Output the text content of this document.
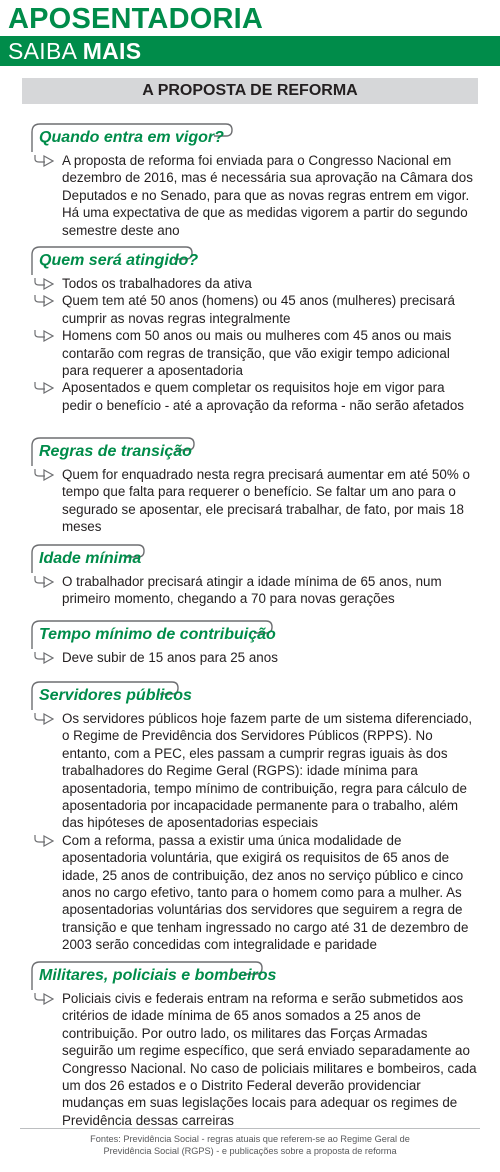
APOSENTADORIA
SAIBA MAIS
A PROPOSTA DE REFORMA
Quando entra em vigor?
A proposta de reforma foi enviada para o Congresso Nacional em dezembro de 2016, mas é necessária sua aprovação na Câmara dos Deputados e no Senado, para que as novas regras entrem em vigor. Há uma expectativa de que as medidas vigorem a partir do segundo semestre deste ano
Quem será atingido?
Todos os trabalhadores da ativa
Quem tem até 50 anos (homens) ou 45 anos (mulheres) precisará cumprir as novas regras integralmente
Homens com 50 anos ou mais ou mulheres com 45 anos ou mais contarão com regras de transição, que vão exigir tempo adicional para requerer a aposentadoria
Aposentados e quem completar os requisitos hoje em vigor para pedir o benefício - até a aprovação da reforma - não serão afetados
Regras de transição
Quem for enquadrado nesta regra precisará aumentar em até 50% o tempo que falta para requerer o benefício. Se faltar um ano para o segurado se aposentar, ele precisará trabalhar, de fato, por mais 18 meses
Idade mínima
O trabalhador precisará atingir a idade mínima de 65 anos, num primeiro momento, chegando a 70 para novas gerações
Tempo mínimo de contribuição
Deve subir de 15 anos para 25 anos
Servidores públicos
Os servidores públicos hoje fazem parte de um sistema diferenciado, o Regime de Previdência dos Servidores Públicos (RPPS). No entanto, com a PEC, eles passam a cumprir regras iguais às dos trabalhadores do Regime Geral (RGPS): idade mínima para aposentadoria, tempo mínimo de contribuição, regra para cálculo de aposentadoria por incapacidade permanente para o trabalho, além das hipóteses de aposentadorias especiais
Com a reforma, passa a existir uma única modalidade de aposentadoria voluntária, que exigirá os requisitos de 65 anos de idade, 25 anos de contribuição, dez anos no serviço público e cinco anos no cargo efetivo, tanto para o homem como para a mulher. As aposentadorias voluntárias dos servidores que seguirem a regra de transição e que tenham ingressado no cargo até 31 de dezembro de 2003 serão concedidas com integralidade e paridade
Militares, policiais e bombeiros
Policiais civis e federais entram na reforma e serão submetidos aos critérios de idade mínima de 65 anos somados a 25 anos de contribuição. Por outro lado, os militares das Forças Armadas seguirão um regime específico, que será enviado separadamente ao Congresso Nacional. No caso de policiais militares e bombeiros, cada um dos 26 estados e o Distrito Federal deverão providenciar mudanças em suas legislações locais para adequar os regimes de Previdência dessas carreiras
Fontes: Previdência Social - regras atuais que referem-se ao Regime Geral de
Previdência Social (RGPS) - e publicações sobre a proposta de reforma
